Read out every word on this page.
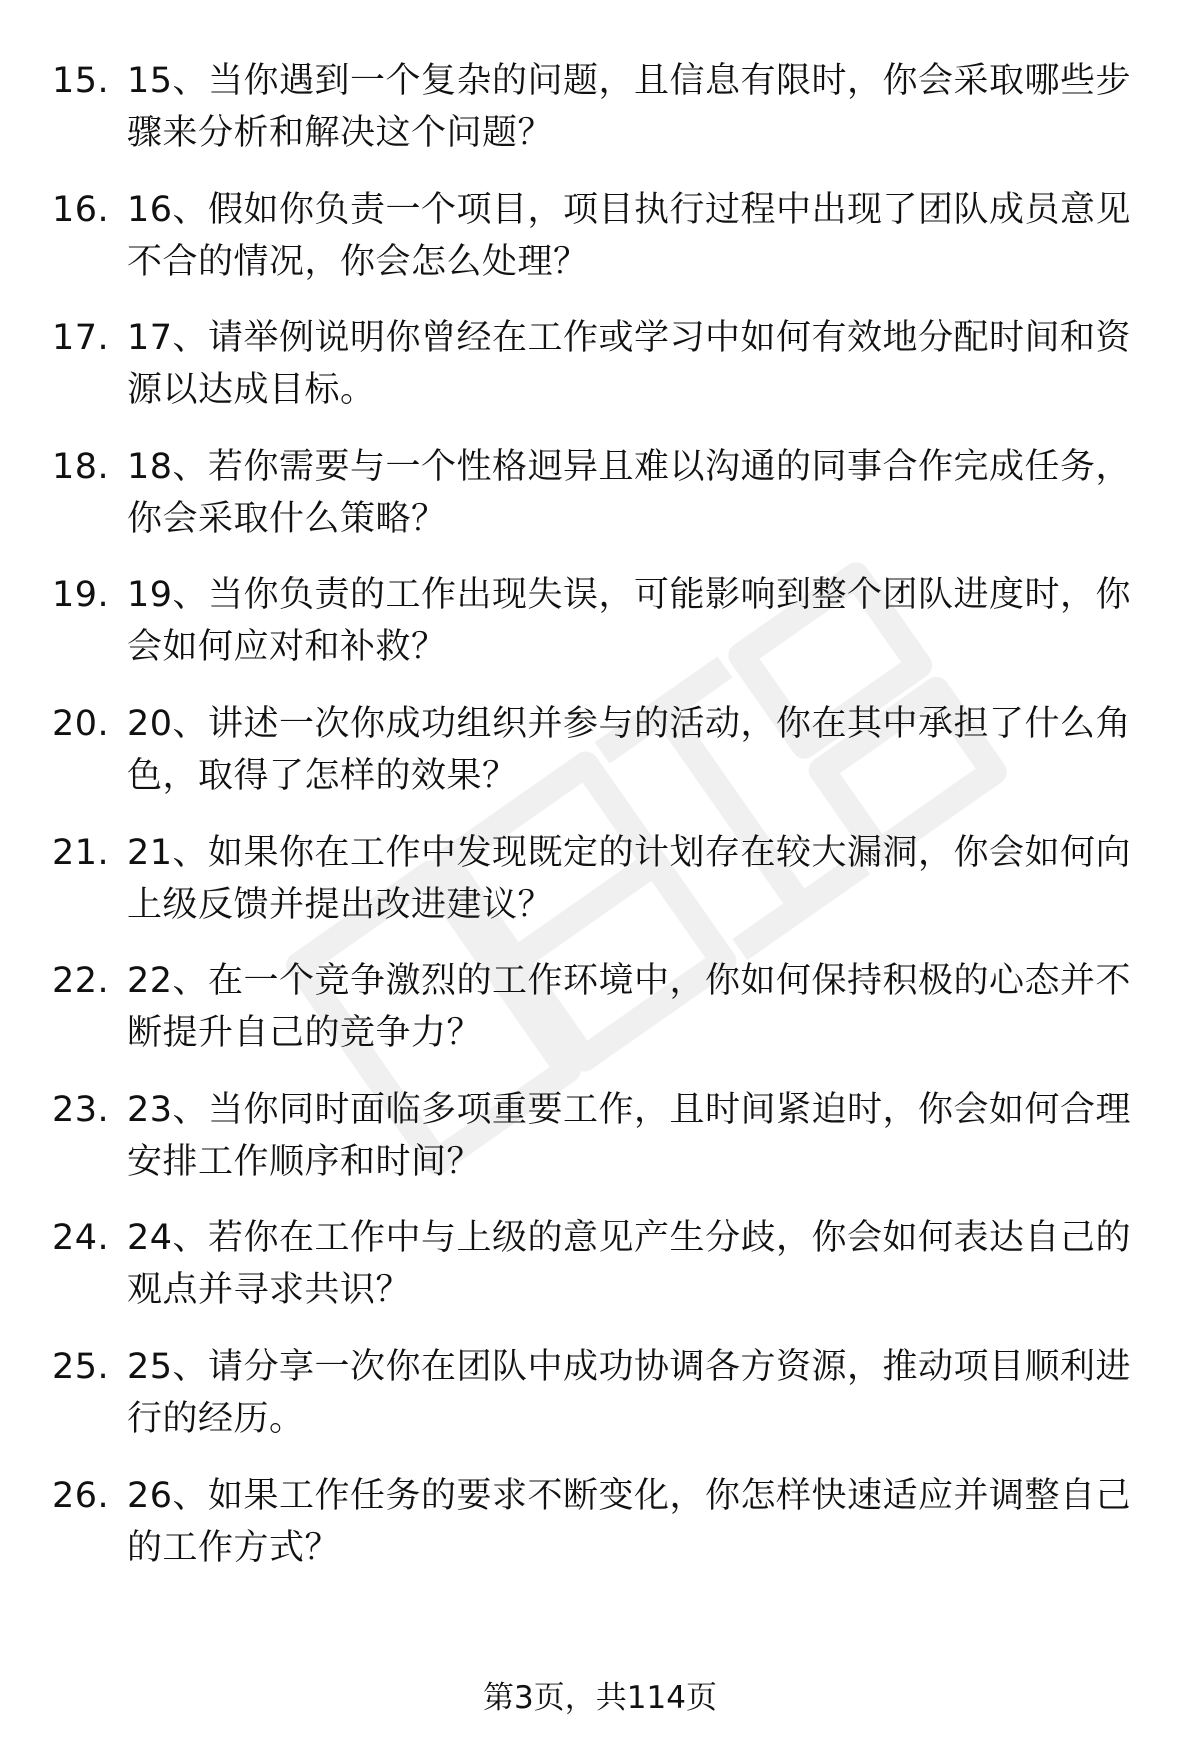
15. 15、当你遇到一个复杂的问题，且信息有限时，你会采取哪些步骤来分析和解决这个问题？
16. 16、假如你负责一个项目，项目执行过程中出现了团队成员意见不合的情况，你会怎么处理？
17. 17、请举例说明你曾经在工作或学习中如何有效地分配时间和资源以达成目标。
18. 18、若你需要与一个性格迥异且难以沟通的同事合作完成任务，你会采取什么策略？
19. 19、当你负责的工作出现失误，可能影响到整个团队进度时，你会如何应对和补救？
20. 20、讲述一次你成功组织并参与的活动，你在其中承担了什么角色，取得了怎样的效果？
21. 21、如果你在工作中发现既定的计划存在较大漏洞，你会如何向上级反馈并提出改进建议？
22. 22、在一个竞争激烈的工作环境中，你如何保持积极的心态并不断提升自己的竞争力？
23. 23、当你同时面临多项重要工作，且时间紧迫时，你会如何合理安排工作顺序和时间？
24. 24、若你在工作中与上级的意见产生分歧，你会如何表达自己的观点并寻求共识？
25. 25、请分享一次你在团队中成功协调各方资源，推动项目顺利进行的经历。
26. 26、如果工作任务的要求不断变化，你怎样快速适应并调整自己的工作方式？
第3页，共114页
